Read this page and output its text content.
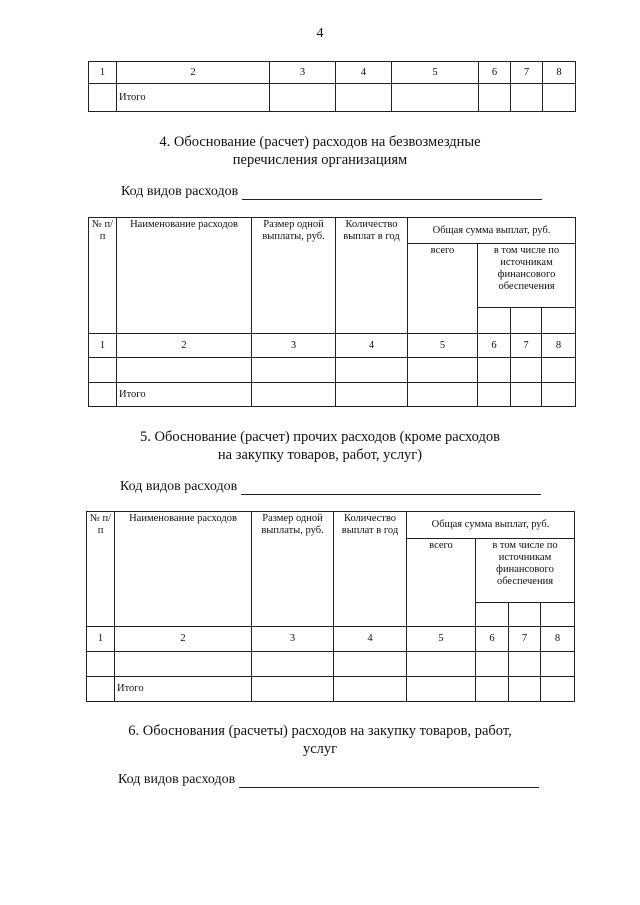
4
1	2	3	4	5	6	7	8
	Итого						
4. Обоснование (расчет) расходов на безвозмездные
перечисления организациям
Код видов расходов
№ п/п	Наименование расходов	Размер одной выплаты, руб.	Количество выплат в год	Общая сумма выплат, руб.			
				всего	в том числе по источникам финансового обеспечения		

1	2	3	4	5	6	7	8

	Итого						
5. Обоснование (расчет) прочих расходов (кроме расходов
на закупку товаров, работ, услуг)
Код видов расходов
№ п/п	Наименование расходов	Размер одной выплаты, руб.	Количество выплат в год	Общая сумма выплат, руб.			
				всего	в том числе по источникам финансового обеспечения		

1	2	3	4	5	6	7	8

	Итого						
6. Обоснования (расчеты) расходов на закупку товаров, работ,
услуг
Код видов расходов
